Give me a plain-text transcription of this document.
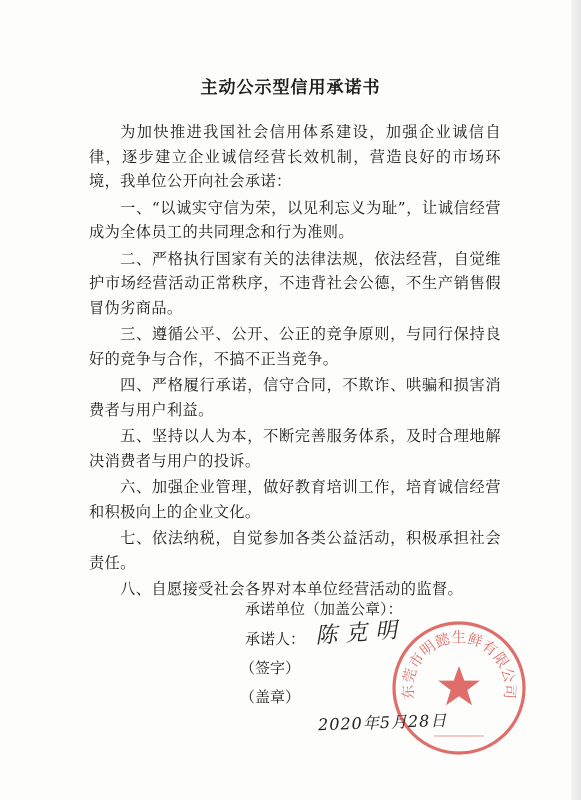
主动公示型信用承诺书

为加快推进我国社会信用体系建设，加强企业诚信自律，逐步建立企业诚信经营长效机制，营造良好的市场环境，我单位公开向社会承诺：

一、“以诚实守信为荣，以见利忘义为耻”，让诚信经营成为全体员工的共同理念和行为准则。

二、严格执行国家有关的法律法规，依法经营，自觉维护市场经营活动正常秩序，不违背社会公德，不生产销售假冒伪劣商品。

三、遵循公平、公开、公正的竞争原则，与同行保持良好的竞争与合作，不搞不正当竞争。

四、严格履行承诺，信守合同，不欺诈、哄骗和损害消费者与用户利益。

五、坚持以人为本，不断完善服务体系，及时合理地解决消费者与用户的投诉。

六、加强企业管理，做好教育培训工作，培育诚信经营和积极向上的企业文化。

七、依法纳税，自觉参加各类公益活动，积极承担社会责任。

八、自愿接受社会各界对本单位经营活动的监督。

承诺单位（加盖公章）：
承诺人：
（签字）
（盖章）
陈克明
东莞市明懿生鲜有限公司
2020年5月28日
